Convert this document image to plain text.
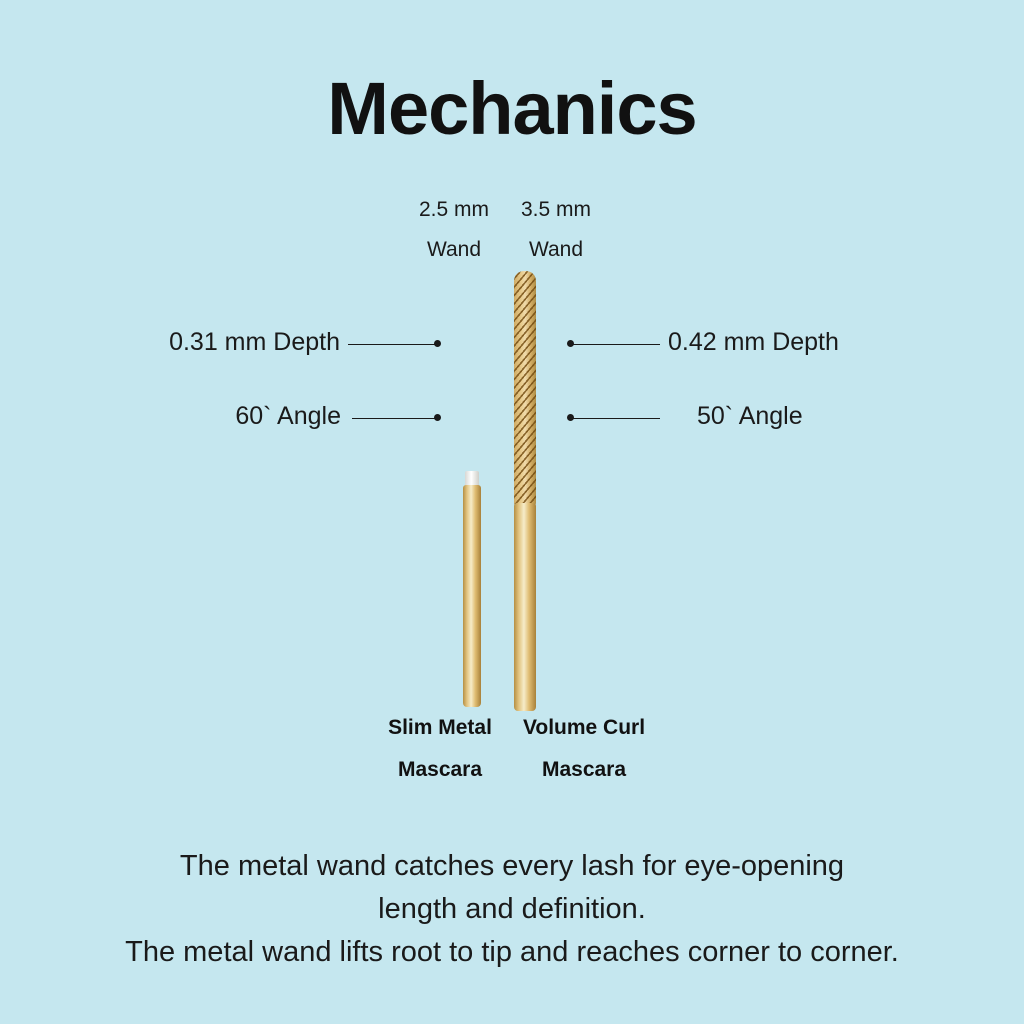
Mechanics
2.5 mm
Wand
3.5 mm
Wand
0.31 mm Depth
60` Angle
0.42 mm Depth
50` Angle
Slim Metal
Mascara
Volume Curl
Mascara
The metal wand catches every lash for eye-opening
length and definition.
The metal wand lifts root to tip and reaches corner to corner.
